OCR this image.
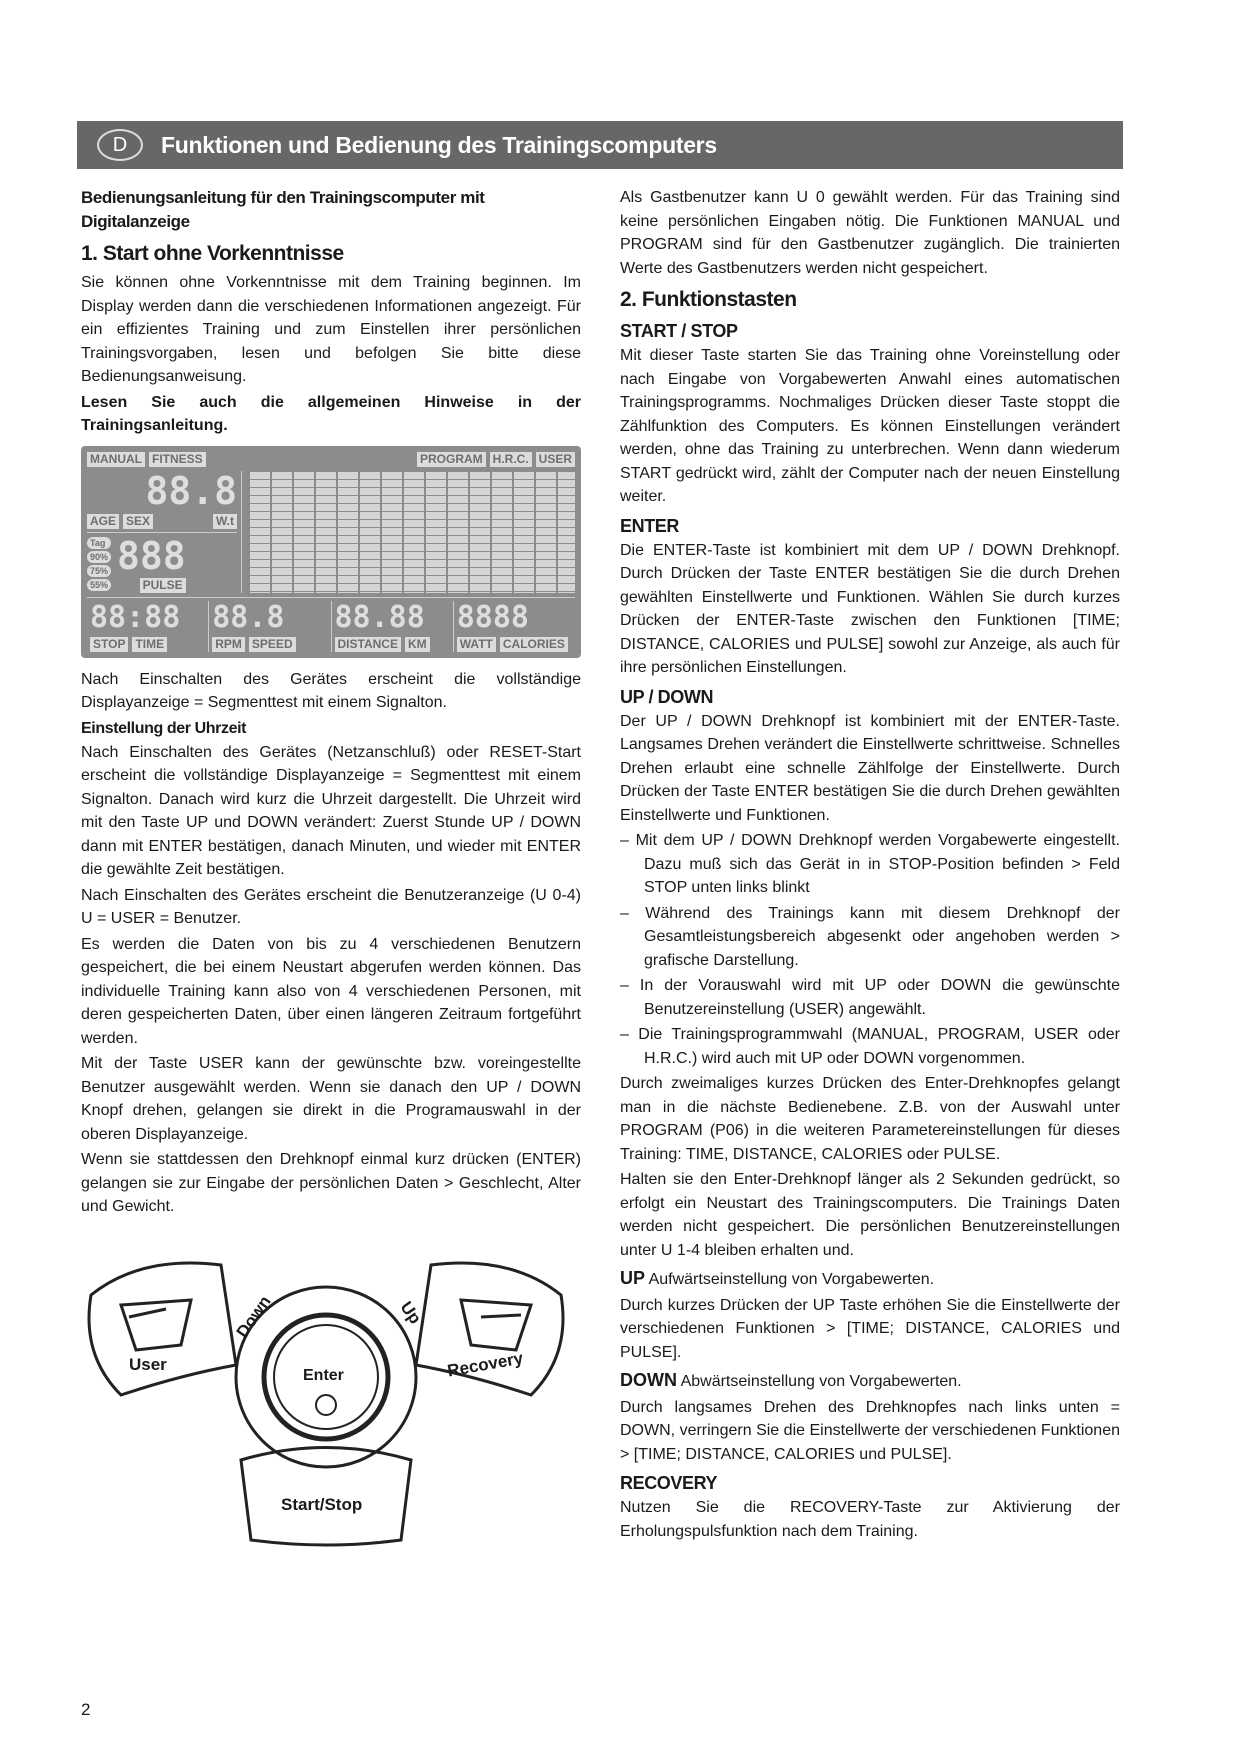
D	Funktionen und Bedienung des Trainingscomputers
Bedienungsanleitung für den Trainingscomputer mit Digitalanzeige
1. Start ohne Vorkenntnisse

Sie können ohne Vorkenntnisse mit dem Training beginnen. Im Display werden dann die verschiedenen Informationen angezeigt. Für ein effizientes Training und zum Einstellen ihrer persönlichen Trainingsvorgaben, lesen und befolgen Sie bitte diese Bedienungsanweisung.

Lesen Sie auch die allgemeinen Hinweise in der Trainingsanleitung.

MANUAL FITNESS	PROGRAM H.R.C. USER
88.8
AGE SEX	W.t
Tag
90%
75%
55%
888
PULSE
88:88
STOP TIME
88.8
RPM SPEED
88.88
DISTANCE KM
8888
WATT CALORIES

Nach Einschalten des Gerätes erscheint die vollständige Displayanzeige = Segmenttest mit einem Signalton.

Einstellung der Uhrzeit

Nach Einschalten des Gerätes (Netzanschluß) oder RESET-Start erscheint die vollständige Displayanzeige = Segmenttest mit einem Signalton. Danach wird kurz die Uhrzeit dargestellt. Die Uhrzeit wird mit den Taste UP und DOWN verändert: Zuerst Stunde UP / DOWN dann mit ENTER bestätigen, danach Minuten, und wieder mit ENTER die gewählte Zeit bestätigen.

Nach Einschalten des Gerätes erscheint die Benutzeranzeige (U 0-4) U = USER = Benutzer.

Es werden die Daten von bis zu 4 verschiedenen Benutzern gespeichert, die bei einem Neustart abgerufen werden können. Das individuelle Training kann also von 4 verschiedenen Personen, mit deren gespeicherten Daten, über einen längeren Zeitraum fortgeführt werden.

Mit der Taste USER kann der gewünschte bzw. voreingestellte Benutzer ausgewählt werden. Wenn sie danach den UP / DOWN Knopf drehen, gelangen sie direkt in die Programauswahl in der oberen Displayanzeige.

Wenn sie stattdessen den Drehknopf einmal kurz drücken (ENTER) gelangen sie zur Eingabe der persönlichen Daten > Geschlecht, Alter und Gewicht.

User
Down	Up
Recovery
Enter
Start/Stop

Als Gastbenutzer kann U 0 gewählt werden. Für das Training sind keine persönlichen Eingaben nötig. Die Funktionen MANUAL und PROGRAM sind für den Gastbenutzer zugänglich. Die trainierten Werte des Gastbenutzers werden nicht gespeichert.

2. Funktionstasten
START / STOP

Mit dieser Taste starten Sie das Training ohne Voreinstellung oder nach Eingabe von Vorgabewerten Anwahl eines automatischen Trainingsprogramms. Nochmaliges Drücken dieser Taste stoppt die Zählfunktion des Computers. Es können Einstellungen verändert werden, ohne das Training zu unterbrechen. Wenn dann wiederum START gedrückt wird, zählt der Computer nach der neuen Einstellung weiter.

ENTER

Die ENTER-Taste ist kombiniert mit dem UP / DOWN Drehknopf. Durch Drücken der Taste ENTER bestätigen Sie die durch Drehen gewählten Einstellwerte und Funktionen. Wählen Sie durch kurzes Drücken der ENTER-Taste zwischen den Funktionen [TIME; DISTANCE, CALORIES und PULSE] sowohl zur Anzeige, als auch für ihre persönlichen Einstellungen.

UP / DOWN

Der UP / DOWN Drehknopf ist kombiniert mit der ENTER-Taste. Langsames Drehen verändert die Einstellwerte schrittweise. Schnelles Drehen erlaubt eine schnelle Zählfolge der Einstellwerte. Durch Drücken der Taste ENTER bestätigen Sie die durch Drehen gewählten Einstellwerte und Funktionen.

– Mit dem UP / DOWN Drehknopf werden Vorgabewerte eingestellt. Dazu muß sich das Gerät in in STOP-Position befinden > Feld STOP unten links blinkt

– Während des Trainings kann mit diesem Drehknopf der Gesamtleistungsbereich abgesenkt oder angehoben werden > grafische Darstellung.

– In der Vorauswahl wird mit UP oder DOWN die gewünschte Benutzereinstellung (USER) angewählt.

– Die Trainingsprogrammwahl (MANUAL, PROGRAM, USER oder H.R.C.) wird auch mit UP oder DOWN vorgenommen.

Durch zweimaliges kurzes Drücken des Enter-Drehknopfes gelangt man in die nächste Bedienebene. Z.B. von der Auswahl unter PROGRAM (P06) in die weiteren Parametereinstellungen für dieses Training: TIME, DISTANCE, CALORIES oder PULSE.

Halten sie den Enter-Drehknopf länger als 2 Sekunden gedrückt, so erfolgt ein Neustart des Trainingscomputers. Die Trainings Daten werden nicht gespeichert. Die persönlichen Benutzereinstellungen unter U 1-4 bleiben erhalten und.

UP Aufwärtseinstellung von Vorgabewerten.

Durch kurzes Drücken der UP Taste erhöhen Sie die Einstellwerte der verschiedenen Funktionen > [TIME; DISTANCE, CALORIES und PULSE].

DOWN Abwärtseinstellung von Vorgabewerten.

Durch langsames Drehen des Drehknopfes nach links unten = DOWN, verringern Sie die Einstellwerte der verschiedenen Funktionen > [TIME; DISTANCE, CALORIES und PULSE].

RECOVERY

Nutzen Sie die RECOVERY-Taste zur Aktivierung der Erholungspulsfunktion nach dem Training.

2
